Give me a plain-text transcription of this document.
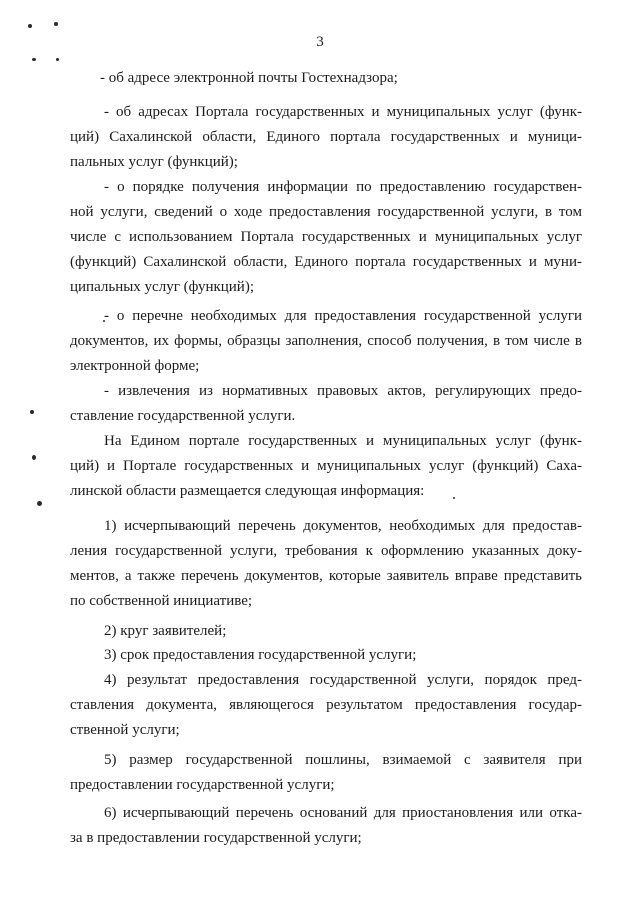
3
- об адресе электронной почты Гостехнадзора;
- об адресах Портала государственных и муниципальных услуг (функ-
ций) Сахалинской области, Единого портала государственных и муници-
пальных услуг (функций);
- о порядке получения информации по предоставлению государствен-
ной услуги, сведений о ходе предоставления государственной услуги, в том
числе с использованием Портала государственных и муниципальных услуг
(функций) Сахалинской области, Единого портала государственных и муни-
ципальных услуг (функций);
- о перечне необходимых для предоставления государственной услуги
документов, их формы, образцы заполнения, способ получения, в том числе в
электронной форме;
- извлечения из нормативных правовых актов, регулирующих предо-
ставление государственной услуги.
На Едином портале государственных и муниципальных услуг (функ-
ций) и Портале государственных и муниципальных услуг (функций) Саха-
линской области размещается следующая информация:
1) исчерпывающий перечень документов, необходимых для предостав-
ления государственной услуги, требования к оформлению указанных доку-
ментов, а также перечень документов, которые заявитель вправе представить
по собственной инициативе;
2) круг заявителей;
3) срок предоставления государственной услуги;
4) результат предоставления государственной услуги, порядок пред-
ставления документа, являющегося результатом предоставления государ-
ственной услуги;
5) размер государственной пошлины, взимаемой с заявителя при
предоставлении государственной услуги;
6) исчерпывающий перечень оснований для приостановления или отка-
за в предоставлении государственной услуги;
